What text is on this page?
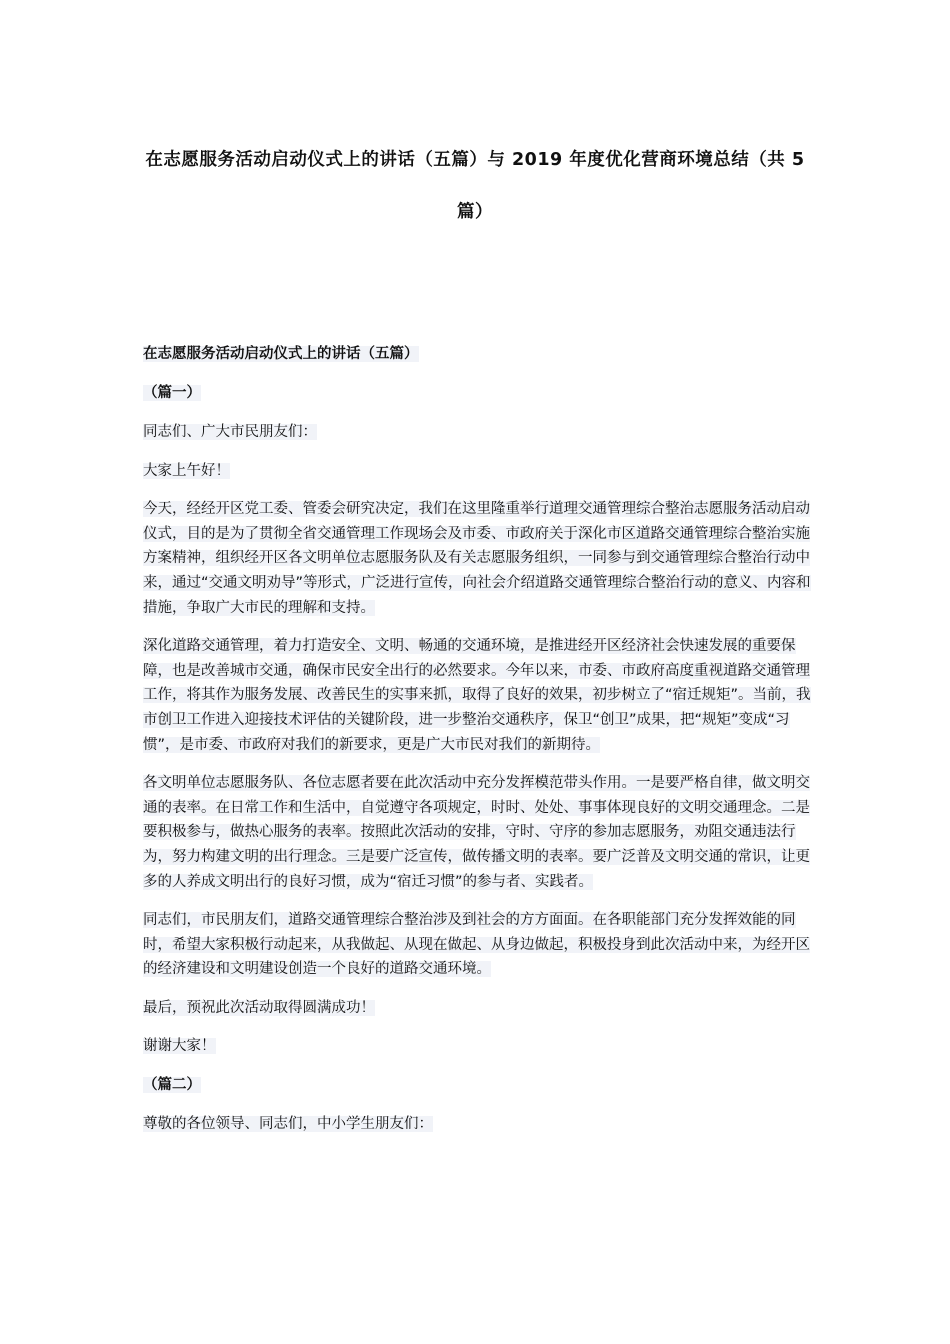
在志愿服务活动启动仪式上的讲话（五篇）与 2019 年度优化营商环境总结（共 5 篇）

在志愿服务活动启动仪式上的讲话（五篇）

（篇一）

同志们、广大市民朋友们：

大家上午好！

今天，经经开区党工委、管委会研究决定，我们在这里隆重举行道理交通管理综合整治志愿服务活动启动仪式，目的是为了贯彻全省交通管理工作现场会及市委、市政府关于深化市区道路交通管理综合整治实施方案精神，组织经开区各文明单位志愿服务队及有关志愿服务组织，一同参与到交通管理综合整治行动中来，通过“交通文明劝导”等形式，广泛进行宣传，向社会介绍道路交通管理综合整治行动的意义、内容和措施，争取广大市民的理解和支持。

深化道路交通管理，着力打造安全、文明、畅通的交通环境，是推进经开区经济社会快速发展的重要保障，也是改善城市交通，确保市民安全出行的必然要求。今年以来，市委、市政府高度重视道路交通管理工作，将其作为服务发展、改善民生的实事来抓，取得了良好的效果，初步树立了“宿迁规矩”。当前，我市创卫工作进入迎接技术评估的关键阶段，进一步整治交通秩序，保卫“创卫”成果，把“规矩”变成“习惯”，是市委、市政府对我们的新要求，更是广大市民对我们的新期待。

各文明单位志愿服务队、各位志愿者要在此次活动中充分发挥模范带头作用。一是要严格自律，做文明交通的表率。在日常工作和生活中，自觉遵守各项规定，时时、处处、事事体现良好的文明交通理念。二是要积极参与，做热心服务的表率。按照此次活动的安排，守时、守序的参加志愿服务，劝阻交通违法行为，努力构建文明的出行理念。三是要广泛宣传，做传播文明的表率。要广泛普及文明交通的常识，让更多的人养成文明出行的良好习惯，成为“宿迁习惯”的参与者、实践者。

同志们，市民朋友们，道路交通管理综合整治涉及到社会的方方面面。在各职能部门充分发挥效能的同时，希望大家积极行动起来，从我做起、从现在做起、从身边做起，积极投身到此次活动中来，为经开区的经济建设和文明建设创造一个良好的道路交通环境。

最后，预祝此次活动取得圆满成功！

谢谢大家！

（篇二）

尊敬的各位领导、同志们，中小学生朋友们：
